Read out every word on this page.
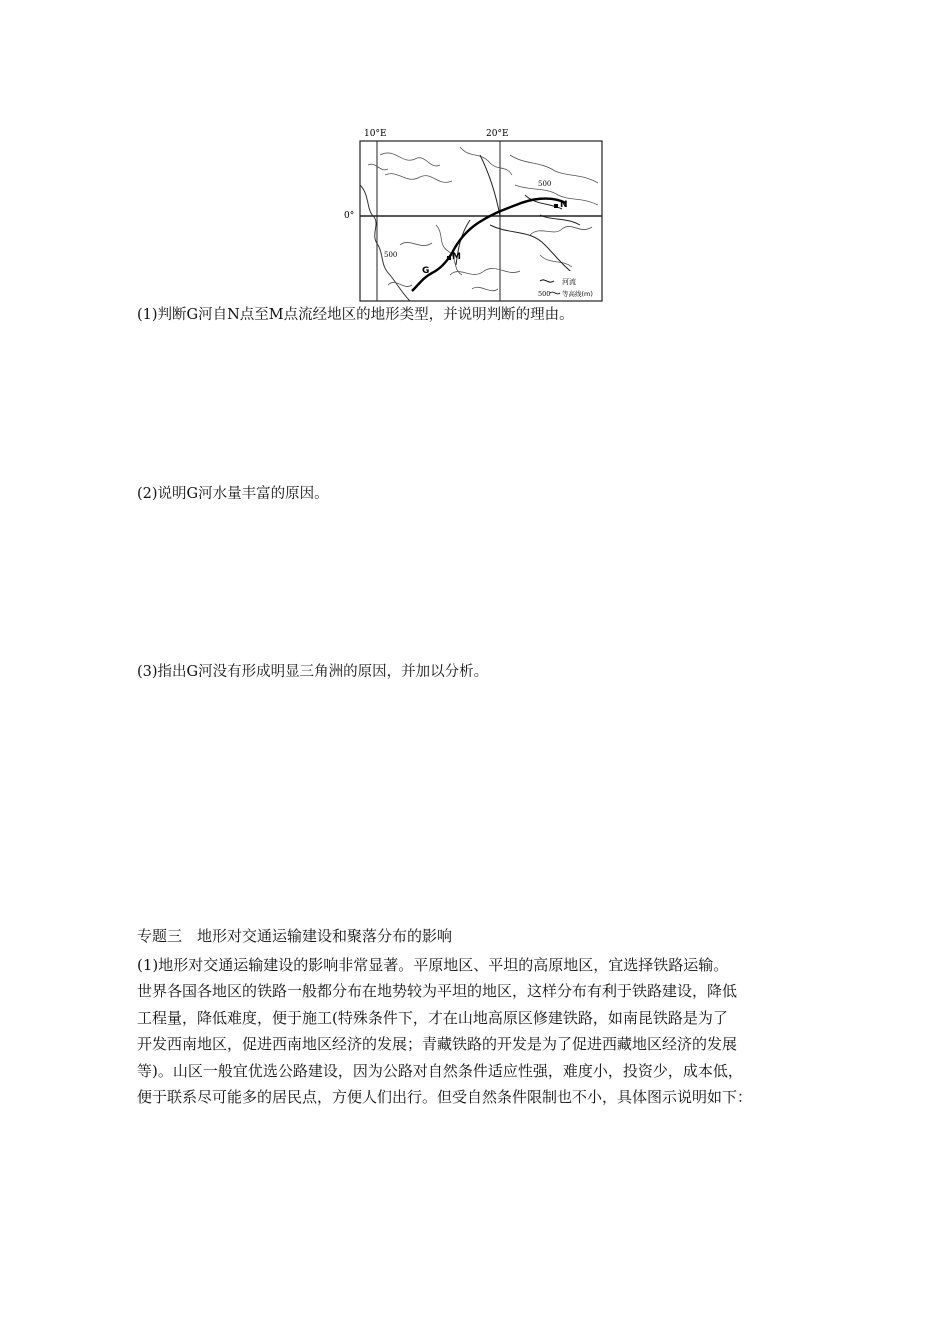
10°E	20°E
0°
N
M
G
500
500
河流
500 等高线(m)
(1)判断G河自N点至M点流经地区的地形类型，并说明判断的理由。
(2)说明G河水量丰富的原因。
(3)指出G河没有形成明显三角洲的原因，并加以分析。
专题三　地形对交通运输建设和聚落分布的影响
(1)地形对交通运输建设的影响非常显著。平原地区、平坦的高原地区，宜选择铁路运输。
世界各国各地区的铁路一般都分布在地势较为平坦的地区，这样分布有利于铁路建设，降低
工程量，降低难度，便于施工(特殊条件下，才在山地高原区修建铁路，如南昆铁路是为了
开发西南地区，促进西南地区经济的发展；青藏铁路的开发是为了促进西藏地区经济的发展
等)。山区一般宜优选公路建设，因为公路对自然条件适应性强，难度小，投资少，成本低，
便于联系尽可能多的居民点，方便人们出行。但受自然条件限制也不小，具体图示说明如下：
